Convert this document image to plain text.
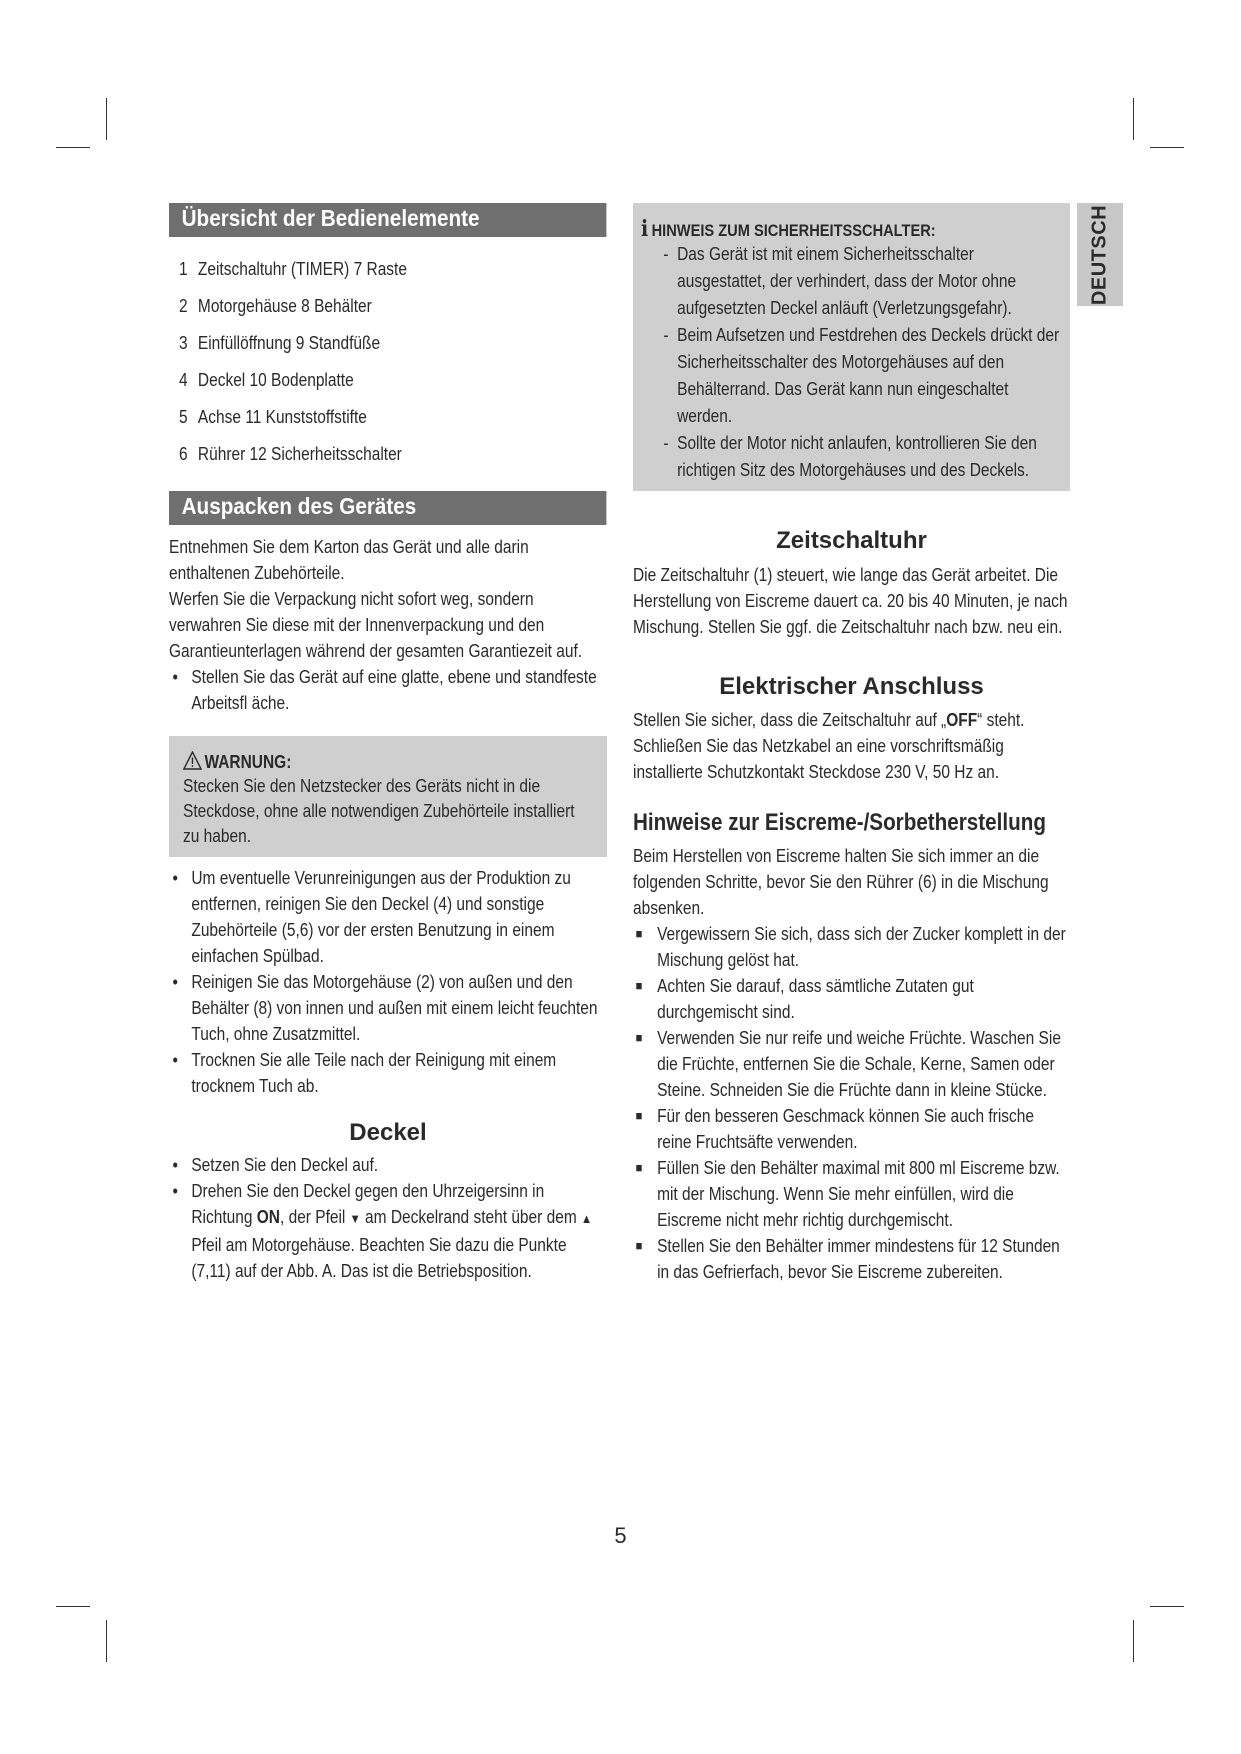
DEUTSCH
Übersicht der Bedienelemente
1 Zeitschaltuhr (TIMER) 7 Raste
2 Motorgehäuse 8 Behälter
3 Einfüllöffnung 9 Standfüße
4 Deckel 10 Bodenplatte
5 Achse 11 Kunststoffstifte
6 Rührer 12 Sicherheitsschalter
Auspacken des Gerätes

Entnehmen Sie dem Karton das Gerät und alle darin enthaltenen Zubehörteile.

Werfen Sie die Verpackung nicht sofort weg, sondern verwahren Sie diese mit der Innenverpackung und den Garantieunterlagen während der gesamten Garantiezeit auf.

• Stellen Sie das Gerät auf eine glatte, ebene und standfeste Arbeitsfl äche.
WARNUNG:

Stecken Sie den Netzstecker des Geräts nicht in die Steckdose, ohne alle notwendigen Zubehörteile installiert zu haben.

• Um eventuelle Verunreinigungen aus der Produktion zu entfernen, reinigen Sie den Deckel (4) und sonstige Zubehörteile (5,6) vor der ersten Benutzung in einem einfachen Spülbad.
• Reinigen Sie das Motorgehäuse (2) von außen und den Behälter (8) von innen und außen mit einem leicht feuchten Tuch, ohne Zusatzmittel.
• Trocknen Sie alle Teile nach der Reinigung mit einem trocknem Tuch ab.
Deckel
• Setzen Sie den Deckel auf.
• Drehen Sie den Deckel gegen den Uhrzeigersinn in Richtung ON, der Pfeil ▼ am Deckelrand steht über dem ▲ Pfeil am Motorgehäuse. Beachten Sie dazu die Punkte (7,11) auf der Abb. A. Das ist die Betriebsposition.
i HINWEIS ZUM SICHERHEITSSCHALTER:
- Das Gerät ist mit einem Sicherheitsschalter ausgestattet, der verhindert, dass der Motor ohne aufgesetzten Deckel anläuft (Verletzungsgefahr).
- Beim Aufsetzen und Festdrehen des Deckels drückt der Sicherheitsschalter des Motorgehäuses auf den Behälterrand. Das Gerät kann nun eingeschaltet werden.
- Sollte der Motor nicht anlaufen, kontrollieren Sie den richtigen Sitz des Motorgehäuses und des Deckels.
Zeitschaltuhr

Die Zeitschaltuhr (1) steuert, wie lange das Gerät arbeitet. Die Herstellung von Eiscreme dauert ca. 20 bis 40 Minuten, je nach Mischung. Stellen Sie ggf. die Zeitschaltuhr nach bzw. neu ein.

Elektrischer Anschluss

Stellen Sie sicher, dass die Zeitschaltuhr auf „OFF“ steht. Schließen Sie das Netzkabel an eine vorschriftsmäßig installierte Schutzkontakt Steckdose 230 V, 50 Hz an.

Hinweise zur Eiscreme-/Sorbetherstellung

Beim Herstellen von Eiscreme halten Sie sich immer an die folgenden Schritte, bevor Sie den Rührer (6) in die Mischung absenken.

■ Vergewissern Sie sich, dass sich der Zucker komplett in der Mischung gelöst hat.
■ Achten Sie darauf, dass sämtliche Zutaten gut durchgemischt sind.
■ Verwenden Sie nur reife und weiche Früchte. Waschen Sie die Früchte, entfernen Sie die Schale, Kerne, Samen oder Steine. Schneiden Sie die Früchte dann in kleine Stücke.
■ Für den besseren Geschmack können Sie auch frische reine Fruchtsäfte verwenden.
■ Füllen Sie den Behälter maximal mit 800 ml Eiscreme bzw. mit der Mischung. Wenn Sie mehr einfüllen, wird die Eiscreme nicht mehr richtig durchgemischt.
■ Stellen Sie den Behälter immer mindestens für 12 Stunden in das Gefrierfach, bevor Sie Eiscreme zubereiten.
5
